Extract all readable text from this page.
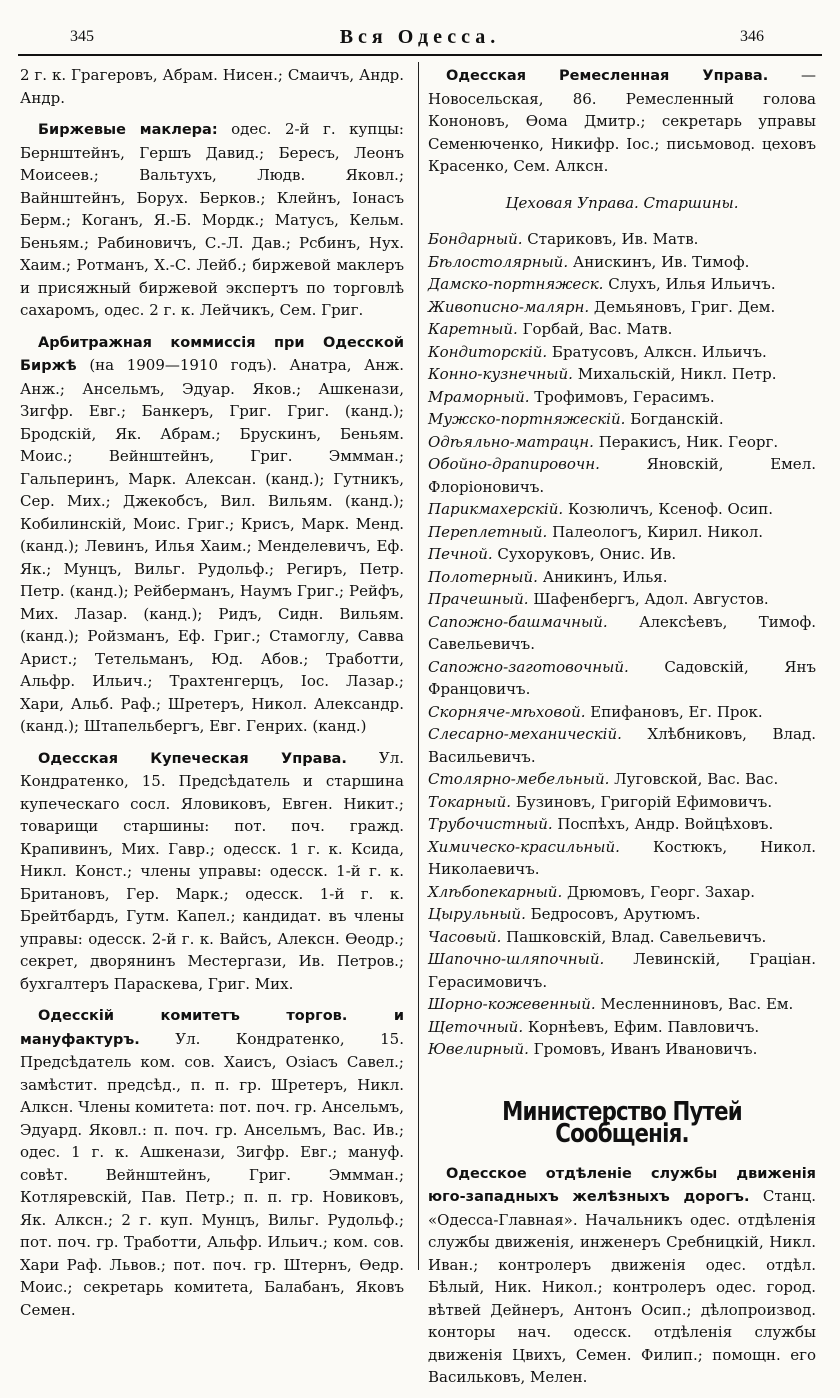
345	Вся Одесса.	346

2 г. к. Грагеровъ, Абрам. Нисен.; Смаичъ, Андр. Андр.

Биржевые маклера: одес. 2-й г. купцы: Бернштейнъ, Гершъ Давид.; Бересъ, Леонъ Моисеев.; Вальтухъ, Людв. Яковл.; Вайнштейнъ, Борух. Берков.; Клейнъ, Іонасъ Берм.; Коганъ, Я.-Б. Мордк.; Матусъ, Кельм. Беньям.; Рабиновичъ, С.-Л. Дав.; Рсбинъ, Нух. Хаим.; Ротманъ, Х.-С. Лейб.; биржевой маклеръ и присяжный биржевой экспертъ по торговлѣ сахаромъ, одес. 2 г. к. Лейчикъ, Сем. Григ.

Арбитражная коммиссія при Одесской Биржѣ (на 1909—1910 годъ). Анатра, Анж. Анж.; Ансельмъ, Эдуар. Яков.; Ашкенази, Зигфр. Евг.; Банкеръ, Григ. Григ. (канд.); Бродскій, Як. Абрам.; Брускинъ, Беньям. Моис.; Вейнштейнъ, Григ. Эммман.; Гальперинъ, Марк. Алексан. (канд.); Гутникъ, Сер. Мих.; Джекобсъ, Вил. Вильям. (канд.); Кобилинскій, Моис. Григ.; Крисъ, Марк. Менд. (канд.); Левинъ, Илья Хаим.; Менделевичъ, Еф. Як.; Мунцъ, Вильг. Рудольф.; Региръ, Петр. Петр. (канд.); Рейберманъ, Наумъ Григ.; Рейфъ, Мих. Лазар. (канд.); Ридъ, Сидн. Вильям. (канд.); Ройзманъ, Еф. Григ.; Стамоглу, Савва Арист.; Тетельманъ, Юд. Абов.; Тработти, Альфр. Ильич.; Трахтенгерцъ, Іос. Лазар.; Хари, Альб. Раф.; Шретеръ, Никол. Александр. (канд.); Штапельбергъ, Евг. Генрих. (канд.)

Одесская Купеческая Управа. Ул. Кондратенко, 15. Предсѣдатель и старшина купеческаго сосл. Яловиковъ, Евген. Никит.; товарищи старшины: пот. поч. гражд. Крапивинъ, Мих. Гавр.; одесск. 1 г. к. Ксида, Никл. Конст.; члены управы: одесск. 1-й г. к. Британовъ, Гер. Марк.; одесск. 1-й г. к. Брейтбардъ, Гутм. Капел.; кандидат. въ члены управы: одесск. 2-й г. к. Вайсъ, Алексн. Ѳеодр.; секрет, дворянинъ Местергази, Ив. Петров.; бухгалтеръ Параскева, Григ. Мих.

Одесскій комитетъ торгов. и мануфактуръ. Ул. Кондратенко, 15. Предсѣдатель ком. сов. Хаисъ, Озіасъ Савел.; замѣстит. предсѣд., п. п. гр. Шретеръ, Никл. Алксн. Члены комитета: пот. поч. гр. Ансельмъ, Эдуард. Яковл.: п. поч. гр. Ансельмъ, Вас. Ив.; одес. 1 г. к. Ашкенази, Зигфр. Евг.; мануф. совѣт. Вейнштейнъ, Григ. Эммман.; Котляревскій, Пав. Петр.; п. п. гр. Новиковъ, Як. Алксн.; 2 г. куп. Мунцъ, Вильг. Рудольф.; пот. поч. гр. Тработти, Альфр. Ильич.; ком. сов. Хари Раф. Львов.; пот. поч. гр. Штернъ, Ѳедр. Моис.; секретарь комитета, Балабанъ, Яковъ Семен.

Одесская Ремесленная Управа. — Новосельская, 86. Ремесленный голова Кононовъ, Ѳома Дмитр.; секретарь управы Семенюченко, Никифр. Іос.; письмовод. цеховъ Красенко, Сем. Алксн.

Цеховая Управа. Старшины.

Бондарный. Стариковъ, Ив. Матв.

Бѣлостолярный. Анискинъ, Ив. Тимоф.

Дамско-портняжеск. Слухъ, Илья Ильичъ.

Живописно-малярн. Демьяновъ, Григ. Дем.

Каретный. Горбай, Вас. Матв.

Кондиторскій. Братусовъ, Алксн. Ильичъ.

Конно-кузнечный. Михальскій, Никл. Петр.

Мраморный. Трофимовъ, Герасимъ.

Мужско-портняжескій. Богданскій.

Одѣяльно-матрацн. Перакисъ, Ник. Георг.

Обойно-драпировочн.	Яновскій, Емел. Флоріоновичъ.

Парикмахерскій. Козюличъ, Ксеноф. Осип.

Переплетный. Палеологъ, Кирил. Никол.

Печной. Сухоруковъ, Онис. Ив.

Полотерный. Аникинъ, Илья.

Прачешный. Шафенбергъ, Адол. Августов.

Сапожно-башмачный. Алексѣевъ, Тимоф. Савельевичъ.

Сапожно-заготовочный. Садовскій, Янъ Францовичъ.

Скорняче-мѣховой. Епифановъ, Ег. Прок.

Слесарно-механическій. Хлѣбниковъ, Влад. Васильевичъ.

Столярно-мебельный. Луговской, Вас. Вас.

Токарный. Бузиновъ, Григорій Ефимовичъ.

Трубочистный. Поспѣхъ, Андр. Войцѣховъ.

Химическо-красильный. Костюкъ, Никол. Николаевичъ.

Хлѣбопекарный. Дрюмовъ, Георг. Захар.

Цырульный. Бедросовъ, Арутюмъ.

Часовый. Пашковскій, Влад. Савельевичъ.

Шапочно-шляпочный. Левинскій, Граціан. Герасимовичъ.

Шорно-кожевенный. Месленниновъ, Вас. Ем.

Щеточный. Корнѣевъ, Ефим. Павловичъ.

Ювелирный. Громовъ, Иванъ Ивановичъ.

Министерство Путей Сообщенія.

Одесское отдѣленіе службы движенія юго-западныхъ желѣзныхъ дорогъ. Станц. «Одесса-Главная». Начальникъ одес. отдѣленія службы движенія, инженеръ Сребницкій, Никл. Иван.; контролеръ движенія одес. отдѣл. Бѣлый, Ник. Никол.; контролеръ одес. город. вѣтвей Дейнеръ, Антонъ Осип.; дѣлопроизвод. конторы нач. одесск. отдѣленія службы движенія Цвихъ, Семен. Филип.; помощн. его Васильковъ, Мелен.
